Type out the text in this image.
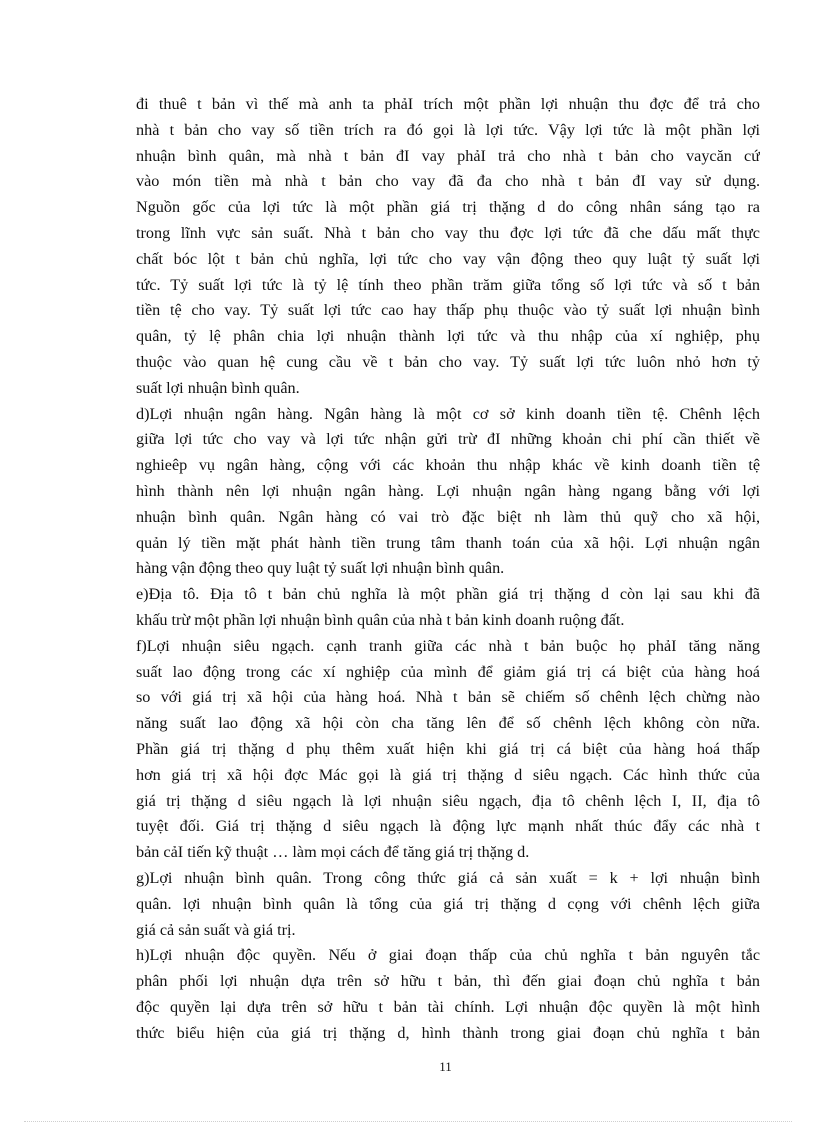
đi thuê t bản vì thế mà anh ta phảI trích một phần lợi nhuận thu đợc để trả cho
nhà t bản cho vay số tiền trích ra đó gọi là lợi tức. Vậy lợi tức là một phần lợi
nhuận bình quân, mà nhà t bản đI vay phảI trả cho nhà t bản cho vaycăn cứ
vào món tiền mà nhà t bản cho vay đã đa cho nhà t bản đI vay sử dụng.
Nguồn gốc của lợi tức là một phần giá trị thặng d do công nhân sáng tạo ra
trong lĩnh vực sản suất. Nhà t bản cho vay thu đợc lợi tức đã che dấu mất thực
chất bóc lột t bản chủ nghĩa, lợi tức cho vay vận động theo quy luật tỷ suất lợi
tức. Tỷ suất lợi tức là tỷ lệ tính theo phần trăm giữa tổng số lợi tức và số t bản
tiền tệ cho vay. Tỷ suất lợi tức cao hay thấp phụ thuộc vào tỷ suất lợi nhuận bình
quân, tỷ lệ phân chia lợi nhuận thành lợi tức và thu nhập của xí nghiệp, phụ
thuộc vào quan hệ cung cầu về t bản cho vay. Tỷ suất lợi tức luôn nhỏ hơn tỷ
suất lợi nhuận bình quân.
d)Lợi nhuận ngân hàng. Ngân hàng là một cơ sở kinh doanh tiền tệ. Chênh lệch
giữa lợi tức cho vay và lợi tức nhận gửi trừ đI những khoản chi phí cần thiết về
nghieêp vụ ngân hàng, cộng với các khoản thu nhập khác về kinh doanh tiền tệ
hình thành nên lợi nhuận ngân hàng. Lợi nhuận ngân hàng ngang bằng với lợi
nhuận bình quân. Ngân hàng có vai trò đặc biệt nh làm thủ quỹ cho xã hội,
quản lý tiền mặt phát hành tiền trung tâm thanh toán của xã hội. Lợi nhuận ngân
hàng vận động theo quy luật tỷ suất lợi nhuận bình quân.
e)Địa tô. Địa tô t bản chủ nghĩa là một phần giá trị thặng d còn lại sau khi đã
khấu trừ một phần lợi nhuận bình quân của nhà t bản kinh doanh ruộng đất.
f)Lợi nhuận siêu ngạch. cạnh tranh giữa các nhà t bản buộc họ phảI tăng năng
suất lao động trong các xí nghiệp của mình để giảm giá trị cá biệt của hàng hoá
so với giá trị xã hội của hàng hoá. Nhà t bản sẽ chiếm số chênh lệch chừng nào
năng suất lao động xã hội còn cha tăng lên để số chênh lệch không còn nữa.
Phần giá trị thặng d phụ thêm xuất hiện khi giá trị cá biệt của hàng hoá thấp
hơn giá trị xã hội đợc Mác gọi là giá trị thặng d siêu ngạch. Các hình thức của
giá trị thặng d siêu ngạch là lợi nhuận siêu ngạch, địa tô chênh lệch I, II, địa tô
tuyệt đối. Giá trị thặng d siêu ngạch là động lực mạnh nhất thúc đẩy các nhà t
bản cảI tiến kỹ thuật … làm mọi cách để tăng giá trị thặng d.
g)Lợi nhuận bình quân. Trong công thức giá cả sản xuất = k + lợi nhuận bình
quân. lợi nhuận bình quân là tổng của giá trị thặng d cọng với chênh lệch giữa
giá cả sản suất và giá trị.
h)Lợi nhuận độc quyền. Nếu ở giai đoạn thấp của chủ nghĩa t bản nguyên tắc
phân phối lợi nhuận dựa trên sở hữu t bản, thì đến giai đoạn chủ nghĩa t bản
độc quyền lại dựa trên sở hữu t bản tài chính. Lợi nhuận độc quyền là một hình
thức biểu hiện của giá trị thặng d, hình thành trong giai đoạn chủ nghĩa t bản
11
